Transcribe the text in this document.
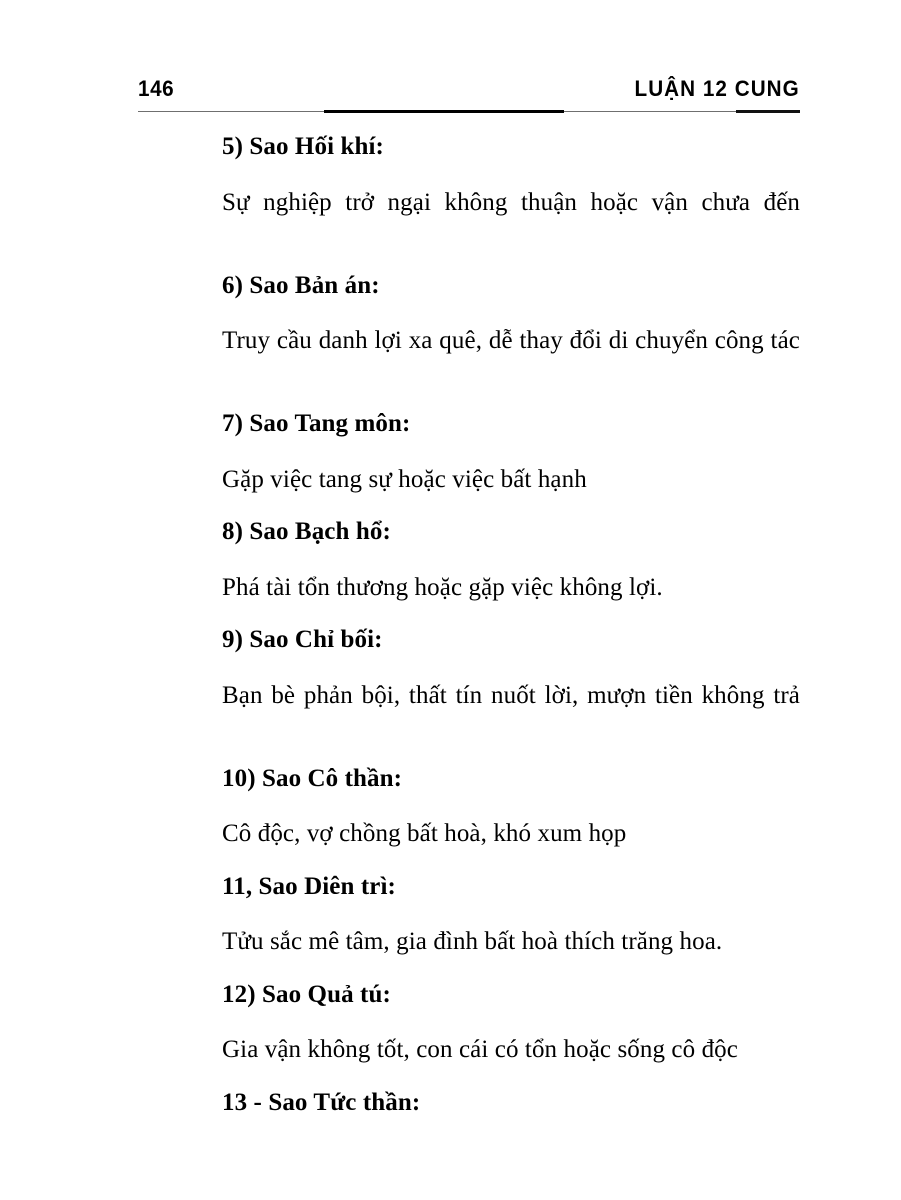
146	LUẬN 12 CUNG

5) Sao Hối khí:

Sự nghiệp trở ngại không thuận hoặc vận chưa đến

6) Sao Bản án:

Truy cầu danh lợi xa quê, dễ thay đổi di chuyển công tác

7) Sao Tang môn:

Gặp việc tang sự hoặc việc bất hạnh

8) Sao Bạch hổ:

Phá tài tổn thương hoặc gặp việc không lợi.

9) Sao Chỉ bối:

Bạn bè phản bội, thất tín nuốt lời, mượn tiền không trả

10) Sao Cô thần:

Cô độc, vợ chồng bất hoà, khó xum họp

11, Sao Diên trì:

Tửu sắc mê tâm, gia đình bất hoà thích trăng hoa.

12) Sao Quả tú:

Gia vận không tốt, con cái có tổn hoặc sống cô độc

13 - Sao Tức thần:
